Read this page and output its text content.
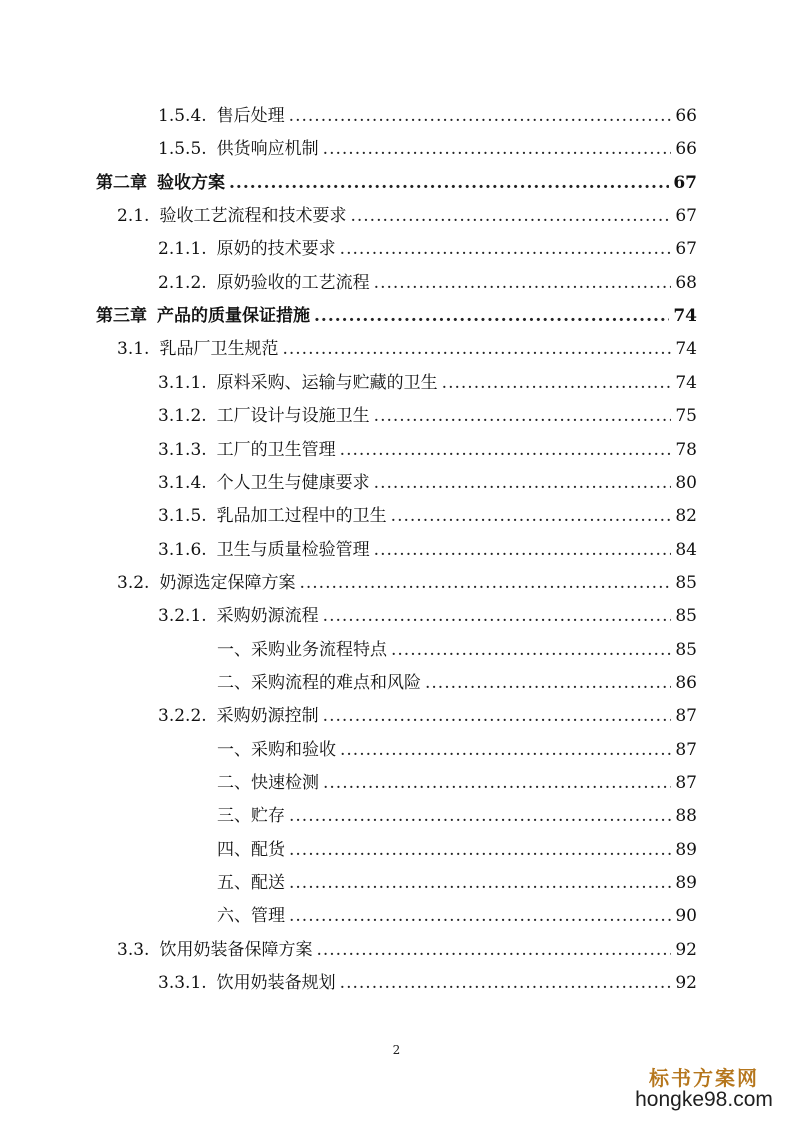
1.5.4. 售后处理 .....	66
1.5.5. 供货响应机制 .....	66
第二章 验收方案 .....	67
2.1. 验收工艺流程和技术要求 .....	67
2.1.1. 原奶的技术要求 .....	67
2.1.2. 原奶验收的工艺流程 .....	68
第三章 产品的质量保证措施 .....	74
3.1. 乳品厂卫生规范 .....	74
3.1.1. 原料采购、运输与贮藏的卫生 .....	74
3.1.2. 工厂设计与设施卫生 .....	75
3.1.3. 工厂的卫生管理 .....	78
3.1.4. 个人卫生与健康要求 .....	80
3.1.5. 乳品加工过程中的卫生 .....	82
3.1.6. 卫生与质量检验管理 .....	84
3.2. 奶源选定保障方案 .....	85
3.2.1. 采购奶源流程 .....	85
一、采购业务流程特点 .....	85
二、采购流程的难点和风险 .....	86
3.2.2. 采购奶源控制 .....	87
一、采购和验收 .....	87
二、快速检测 .....	87
三、贮存 .....	88
四、配货 .....	89
五、配送 .....	89
六、管理 .....	90
3.3. 饮用奶装备保障方案 .....	92
3.3.1. 饮用奶装备规划 .....	92
2
标书方案网
hongke98.com
